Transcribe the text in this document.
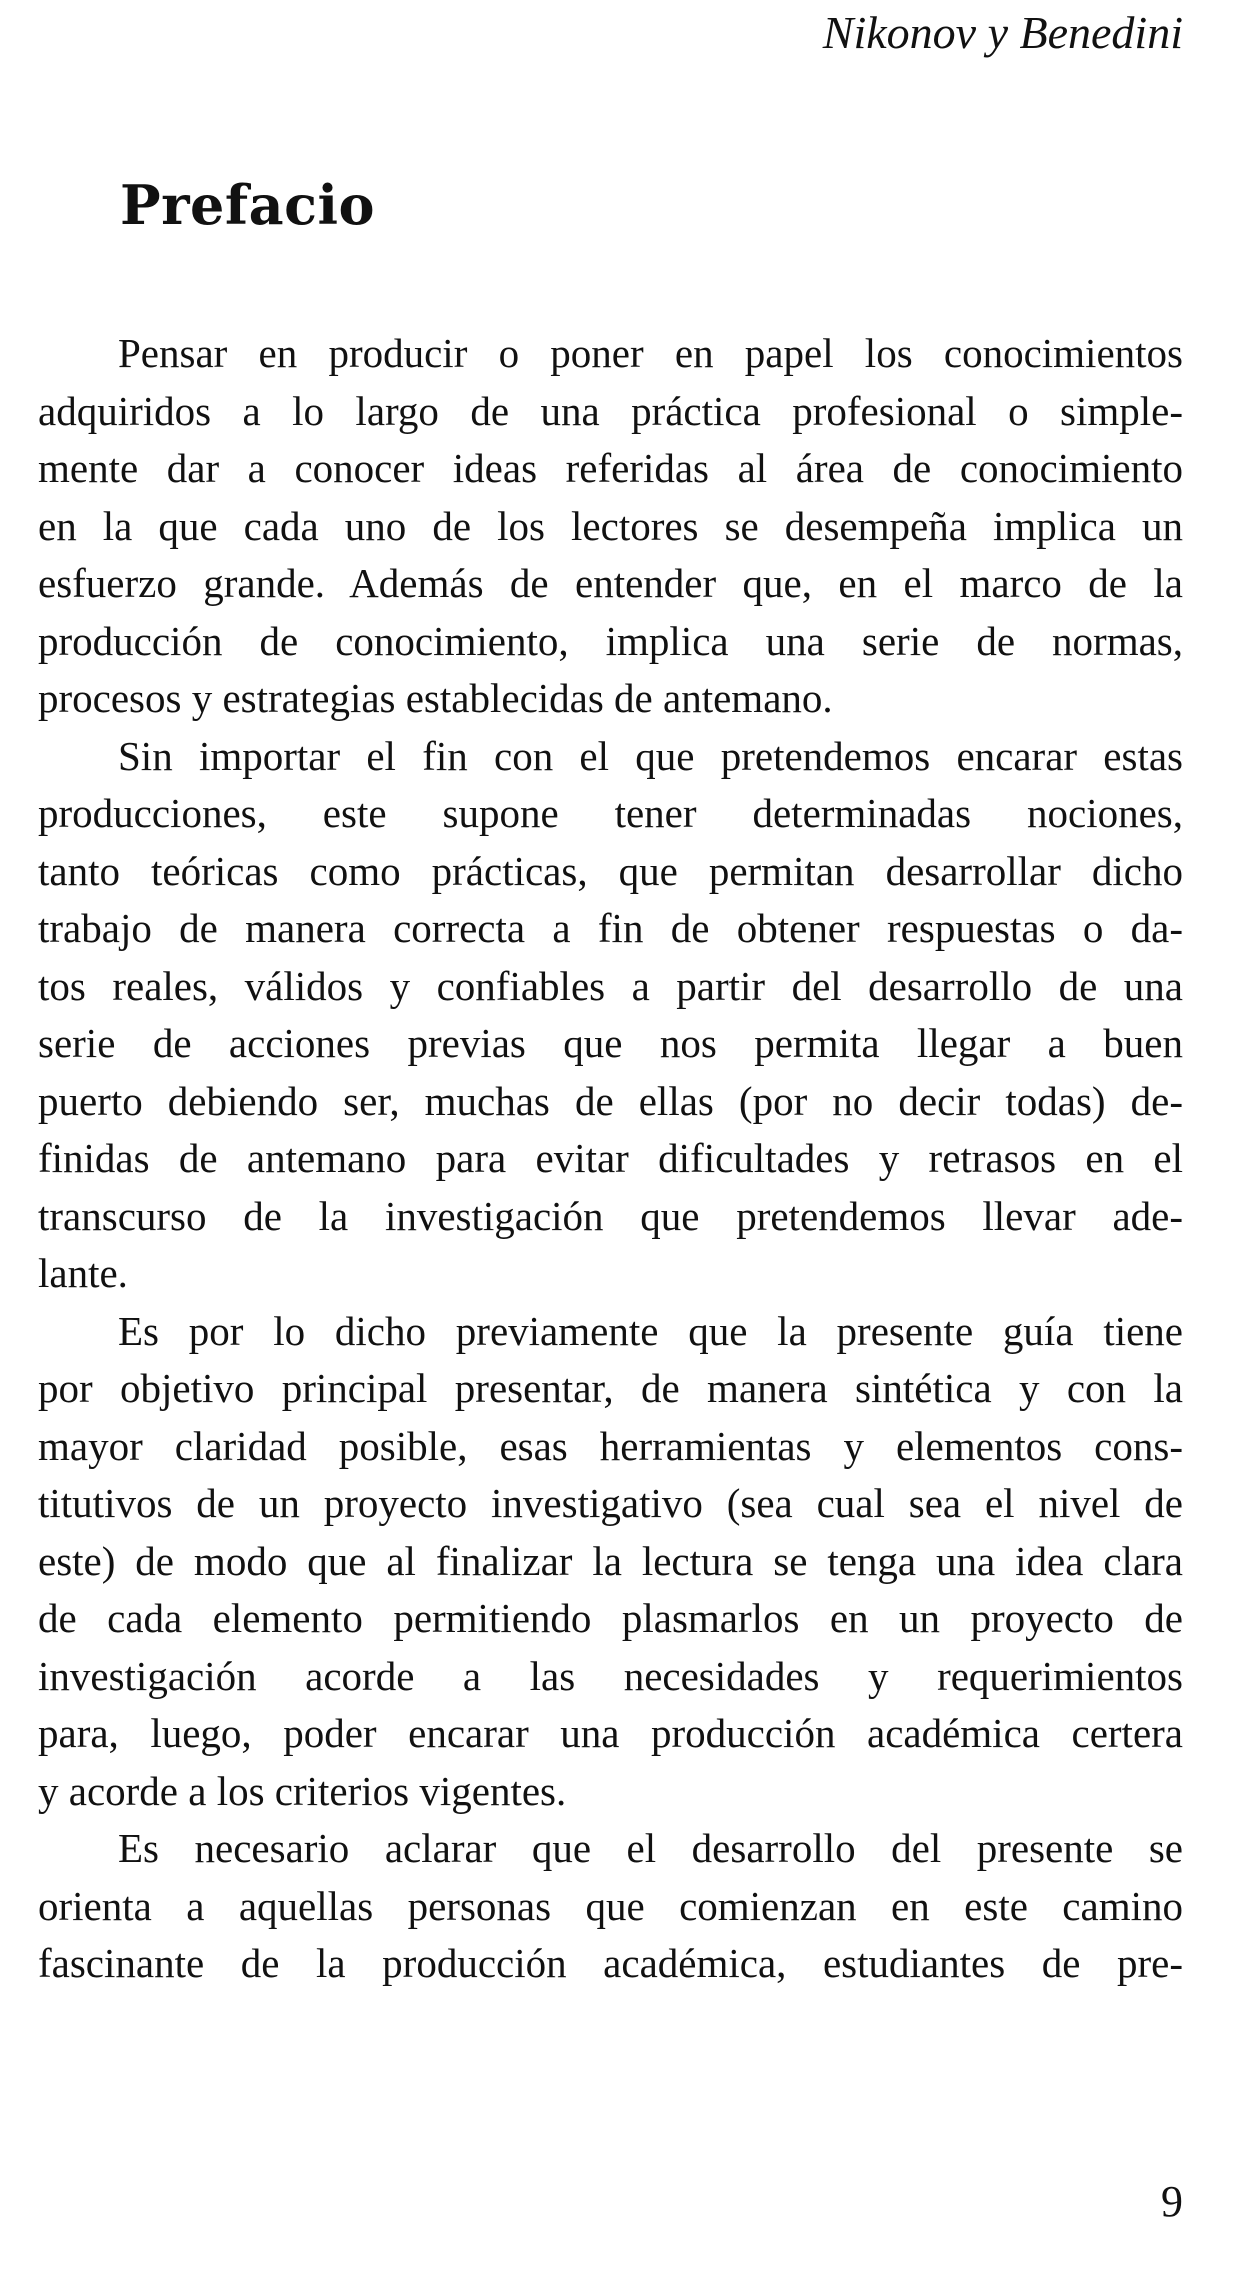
Nikonov y Benedini
Prefacio
Pensar en producir o poner en papel los conocimientos
adquiridos a lo largo de una práctica profesional o simple-
mente dar a conocer ideas referidas al área de conocimiento
en la que cada uno de los lectores se desempeña implica un
esfuerzo grande. Además de entender que, en el marco de la
producción de conocimiento, implica una serie de normas,
procesos y estrategias establecidas de antemano.
Sin importar el fin con el que pretendemos encarar estas
producciones, este supone tener determinadas nociones,
tanto teóricas como prácticas, que permitan desarrollar dicho
trabajo de manera correcta a fin de obtener respuestas o da-
tos reales, válidos y confiables a partir del desarrollo de una
serie de acciones previas que nos permita llegar a buen
puerto debiendo ser, muchas de ellas (por no decir todas) de-
finidas de antemano para evitar dificultades y retrasos en el
transcurso de la investigación que pretendemos llevar ade-
lante.
Es por lo dicho previamente que la presente guía tiene
por objetivo principal presentar, de manera sintética y con la
mayor claridad posible, esas herramientas y elementos cons-
titutivos de un proyecto investigativo (sea cual sea el nivel de
este) de modo que al finalizar la lectura se tenga una idea clara
de cada elemento permitiendo plasmarlos en un proyecto de
investigación acorde a las necesidades y requerimientos
para, luego, poder encarar una producción académica certera
y acorde a los criterios vigentes.
Es necesario aclarar que el desarrollo del presente se
orienta a aquellas personas que comienzan en este camino
fascinante de la producción académica, estudiantes de pre-
9
